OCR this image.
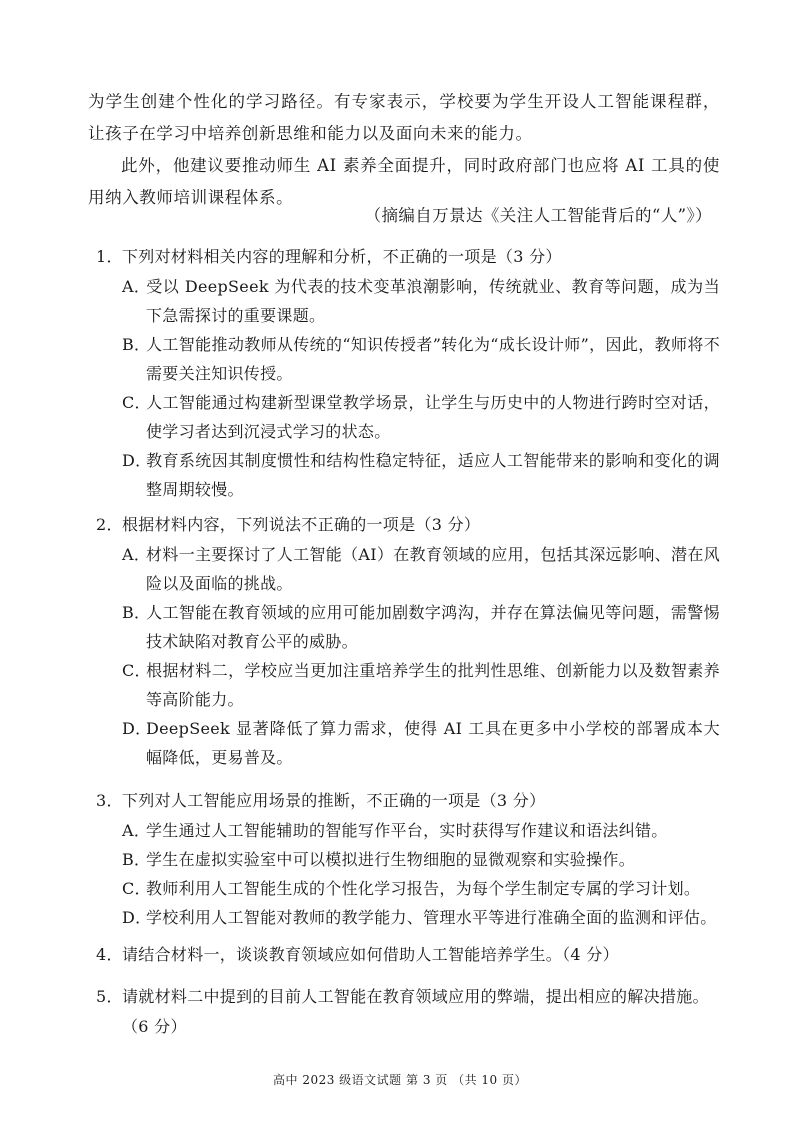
为学生创建个性化的学习路径。有专家表示，学校要为学生开设人工智能课程群，让孩子在学习中培养创新思维和能力以及面向未来的能力。
此外，他建议要推动师生 AI 素养全面提升，同时政府部门也应将 AI 工具的使用纳入教师培训课程体系。
（摘编自万景达《关注人工智能背后的“人”》）
1．下列对材料相关内容的理解和分析，不正确的一项是（3 分）
A．受以 DeepSeek 为代表的技术变革浪潮影响，传统就业、教育等问题，成为当下急需探讨的重要课题。
B．人工智能推动教师从传统的“知识传授者”转化为“成长设计师”，因此，教师将不需要关注知识传授。
C．人工智能通过构建新型课堂教学场景，让学生与历史中的人物进行跨时空对话，使学习者达到沉浸式学习的状态。
D．教育系统因其制度惯性和结构性稳定特征，适应人工智能带来的影响和变化的调整周期较慢。
2．根据材料内容，下列说法不正确的一项是（3 分）
A．材料一主要探讨了人工智能（AI）在教育领域的应用，包括其深远影响、潜在风险以及面临的挑战。
B．人工智能在教育领域的应用可能加剧数字鸿沟，并存在算法偏见等问题，需警惕技术缺陷对教育公平的威胁。
C．根据材料二，学校应当更加注重培养学生的批判性思维、创新能力以及数智素养等高阶能力。
D．DeepSeek 显著降低了算力需求，使得 AI 工具在更多中小学校的部署成本大幅降低，更易普及。
3．下列对人工智能应用场景的推断，不正确的一项是（3 分）
A．学生通过人工智能辅助的智能写作平台，实时获得写作建议和语法纠错。
B．学生在虚拟实验室中可以模拟进行生物细胞的显微观察和实验操作。
C．教师利用人工智能生成的个性化学习报告，为每个学生制定专属的学习计划。
D．学校利用人工智能对教师的教学能力、管理水平等进行准确全面的监测和评估。
4．请结合材料一，谈谈教育领域应如何借助人工智能培养学生。（4 分）
5．请就材料二中提到的目前人工智能在教育领域应用的弊端，提出相应的解决措施。（6 分）
高中 2023 级语文试题 第 3 页 （共 10 页）
